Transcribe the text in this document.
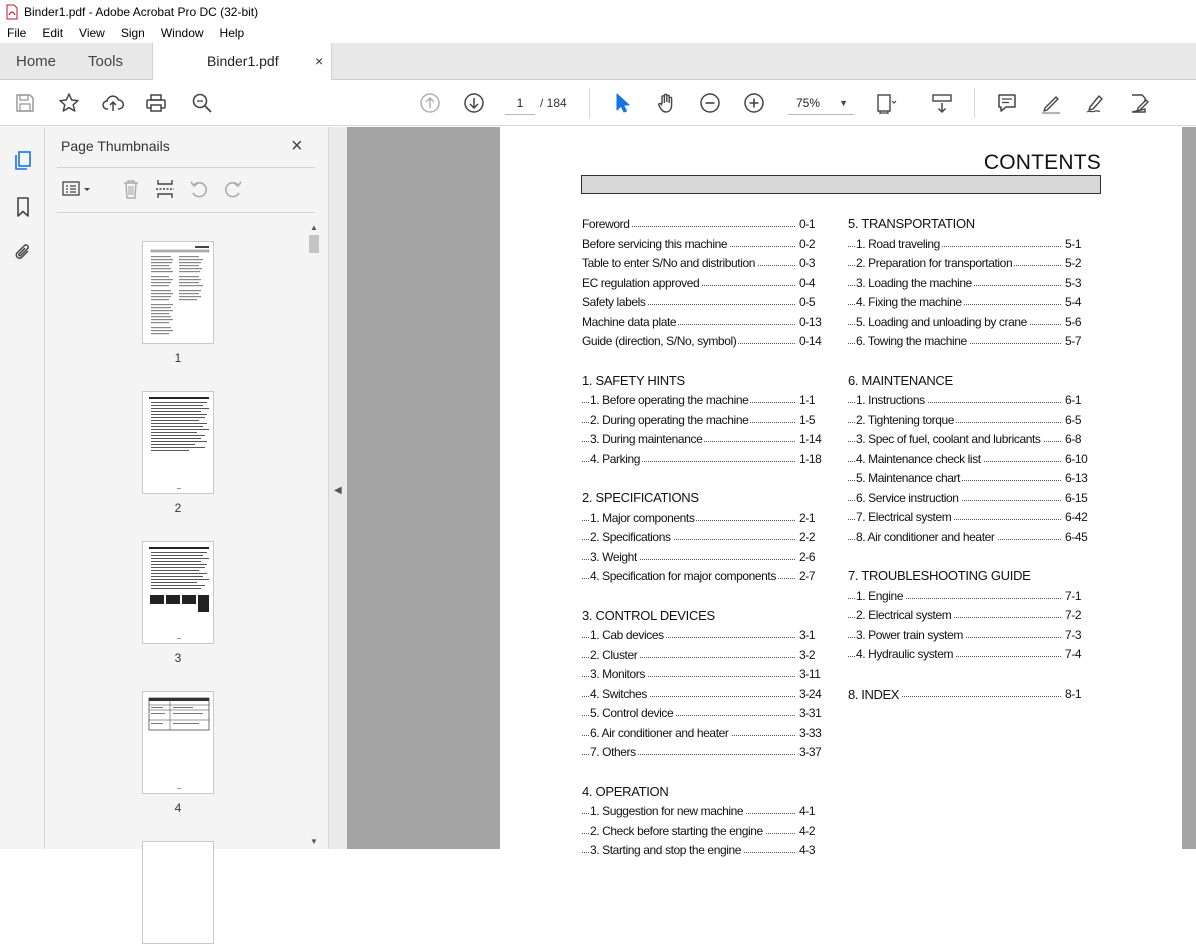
Binder1.pdf - Adobe Acrobat Pro DC (32-bit)
File	Edit	View	Sign	Window	Help
Home Tools	Binder1.pdf	×
1	/ 184	75% ▼
Page Thumbnails	×
1
2
3
4
▲
▼
◀
CONTENTS
Foreword	0-1
Before servicing this machine	0-2
Table to enter S/No and distribution	0-3
EC regulation approved	0-4
Safety labels	0-5
Machine data plate	0-13
Guide (direction, S/No, symbol)	0-14
1. SAFETY HINTS
1. Before operating the machine	1-1
2. During operating the machine	1-5
3. During maintenance	1-14
4. Parking	1-18
2. SPECIFICATIONS
1. Major components	2-1
2. Specifications	2-2
3. Weight	2-6
4. Specification for major components	2-7
3. CONTROL DEVICES
1. Cab devices	3-1
2. Cluster	3-2
3. Monitors	3-11
4. Switches	3-24
5. Control device	3-31
6. Air conditioner and heater	3-33
7. Others	3-37
4. OPERATION
1. Suggestion for new machine	4-1
2. Check before starting the engine	4-2
3. Starting and stop the engine	4-3
5. TRANSPORTATION
1. Road traveling	5-1
2. Preparation for transportation	5-2
3. Loading the machine	5-3
4. Fixing the machine	5-4
5. Loading and unloading by crane	5-6
6. Towing the machine	5-7
6. MAINTENANCE
1. Instructions	6-1
2. Tightening torque	6-5
3. Spec of fuel, coolant and lubricants	6-8
4. Maintenance check list	6-10
5. Maintenance chart	6-13
6. Service instruction	6-15
7. Electrical system	6-42
8. Air conditioner and heater	6-45
7. TROUBLESHOOTING GUIDE
1. Engine	7-1
2. Electrical system	7-2
3. Power train system	7-3
4. Hydraulic system	7-4
8. INDEX	8-1
